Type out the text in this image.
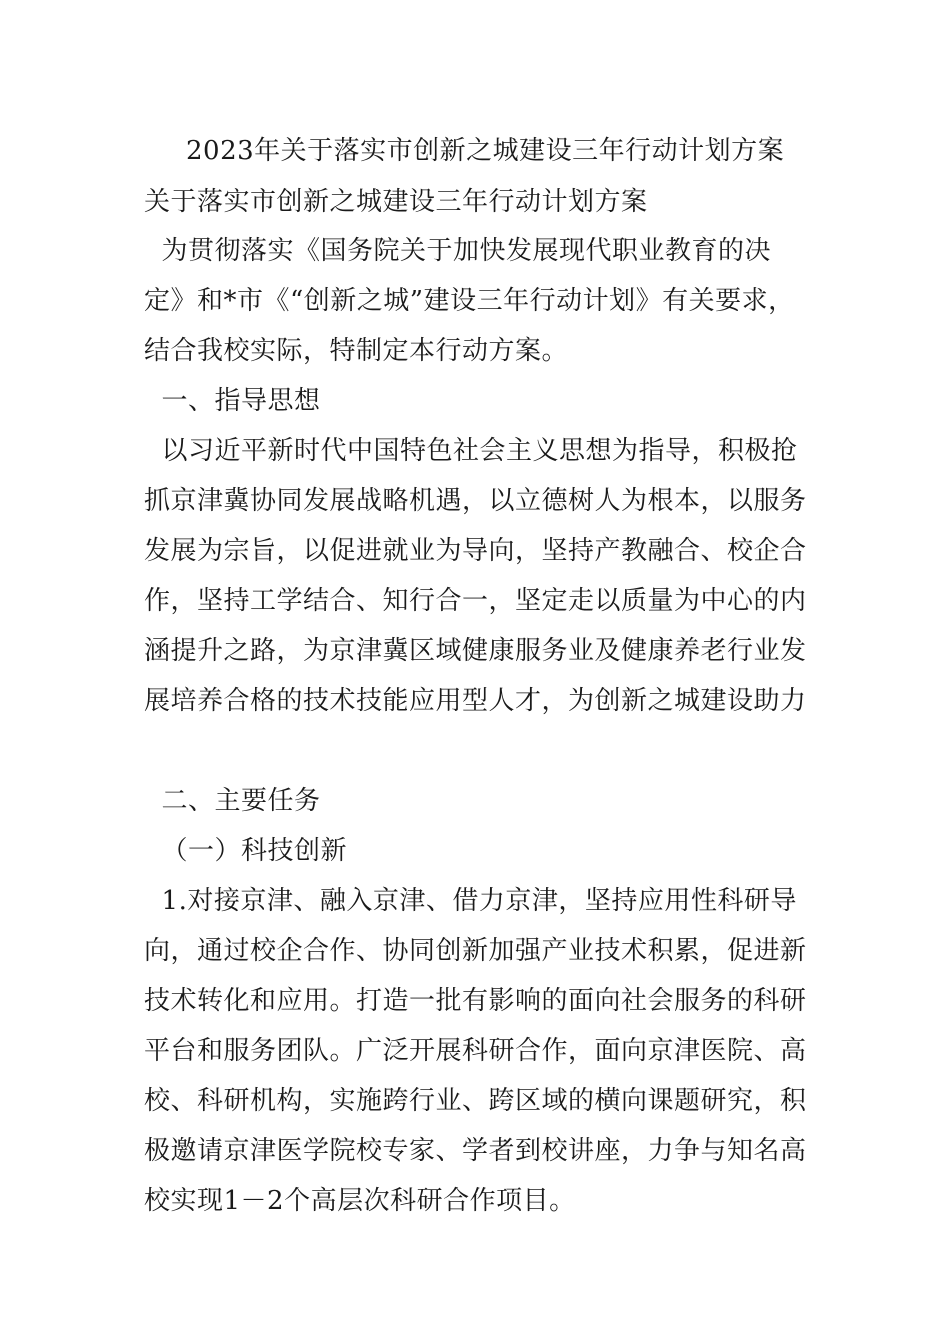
2023年关于落实市创新之城建设三年行动计划方案
关于落实市创新之城建设三年行动计划方案
为贯彻落实《国务院关于加快发展现代职业教育的决
定》和*市《“创新之城”建设三年行动计划》有关要求，
结合我校实际，特制定本行动方案。
一、指导思想
以习近平新时代中国特色社会主义思想为指导，积极抢
抓京津冀协同发展战略机遇，以立德树人为根本，以服务
发展为宗旨，以促进就业为导向，坚持产教融合、校企合
作，坚持工学结合、知行合一，坚定走以质量为中心的内
涵提升之路，为京津冀区域健康服务业及健康养老行业发
展培养合格的技术技能应用型人才，为创新之城建设助力
二、主要任务
（一）科技创新
1.对接京津、融入京津、借力京津，坚持应用性科研导
向，通过校企合作、协同创新加强产业技术积累，促进新
技术转化和应用。打造一批有影响的面向社会服务的科研
平台和服务团队。广泛开展科研合作，面向京津医院、高
校、科研机构，实施跨行业、跨区域的横向课题研究，积
极邀请京津医学院校专家、学者到校讲座，力争与知名高
校实现1－2个高层次科研合作项目。
